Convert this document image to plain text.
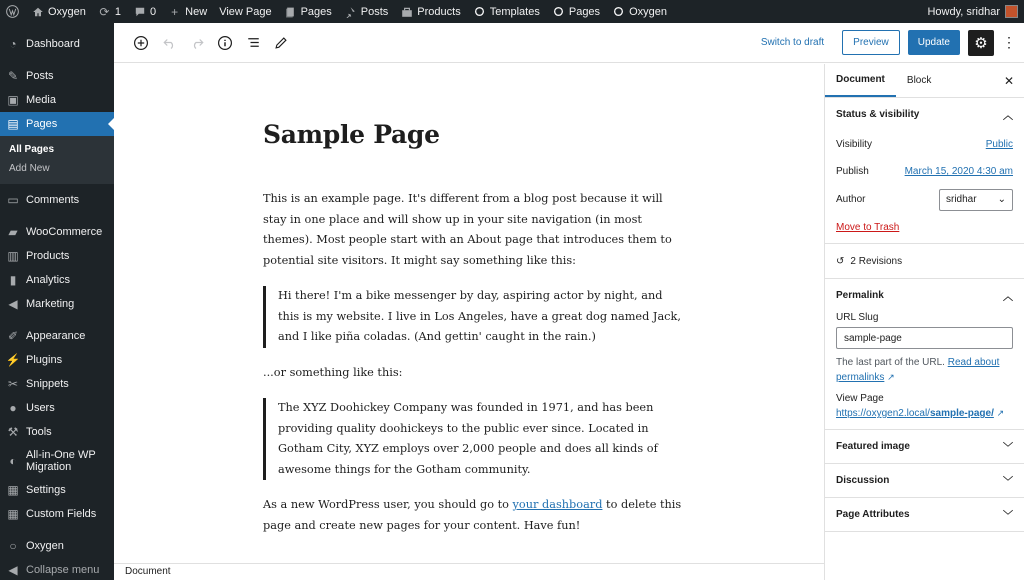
Oxygen ⟳ 1	0 + New View Page	Pages	Posts	Products	Templates	Pages	Oxygen	Howdy, sridhar
◔ Dashboard
✎ Posts
▣ Media
▤ Pages
All Pages
Add New
▭ Comments
▰ WooCommerce
▥ Products
▮ Analytics
◀ Marketing
✐ Appearance
⚡ Plugins
✂ Snippets
● Users
⚒ Tools
◐ All-in-One WP
Migration
▦ Settings
▦ Custom Fields
○ Oxygen
◀ Collapse menu
Switch to draft	Preview	Update	⚙ ⋮
Sample Page

This is an example page. It's different from a blog post because it will stay in one place and will show up in your site navigation (in most themes). Most people start with an About page that introduces them to potential site visitors. It might say something like this:

Hi there! I'm a bike messenger by day, aspiring actor by night, and this is my website. I live in Los Angeles, have a great dog named Jack, and I like piña coladas. (And gettin' caught in the rain.)

...or something like this:

The XYZ Doohickey Company was founded in 1971, and has been providing quality doohickeys to the public ever since. Located in Gotham City, XYZ employs over 2,000 people and does all kinds of awesome things for the Gotham community.

As a new WordPress user, you should go to your dashboard to delete this page and create new pages for your content. Have fun!

Document
Document	Block	✕
Status & visibility	︿
Visibility	Public
Publish	March 15, 2020 4:30 am
Author	sridhar ⌄
Move to Trash
↺ 2 Revisions
Permalink	︿
URL Slug
sample-page
The last part of the URL. Read about permalinks ↗
View Page
https://oxygen2.local/sample-page/ ↗
Featured image	﹀
Discussion	﹀
Page Attributes	﹀
